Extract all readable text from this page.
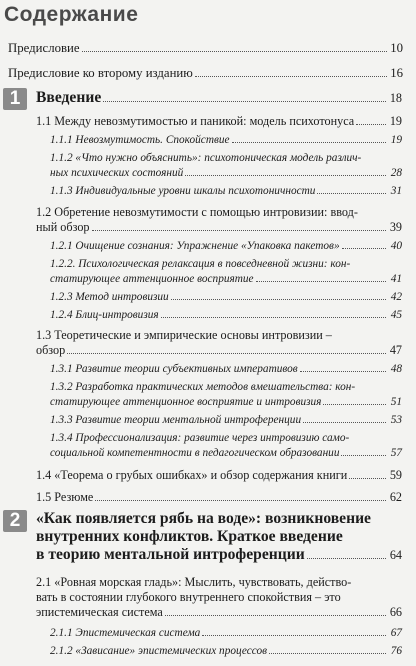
Содержание
Предисловие	10
Предисловие ко второму изданию	16
1	Введение	18
1.1 Между невозмутимостью и паникой: модель психотонуса	19
1.1.1 Невозмутимость. Спокойствие	19
1.1.2 «Что нужно объяснить»: психотоническая модель различ-
ных психических состояний	28
1.1.3 Индивидуальные уровни шкалы психотоничности	31
1.2 Обретение невозмутимости с помощью интровизии: ввод-
ный обзор	39
1.2.1 Очищение сознания: Упражнение «Упаковка пакетов»	40
1.2.2. Психологическая релаксация в повседневной жизни: кон-
статирующее аттенционное восприятие	41
1.2.3 Метод интровизии	42
1.2.4 Блиц-интровизия	45
1.3 Теоретические и эмпирические основы интровизии –
обзор	47
1.3.1 Развитие теории субъективных императивов	48
1.3.2 Разработка практических методов вмешательства: кон-
статирующее аттенционное восприятие и интровизия	51
1.3.3 Развитие теории ментальной интроференции	53
1.3.4 Профессионализация: развитие через интровизию само-
социальной компетентности в педагогическом образовании	57
1.4 «Теорема о грубых ошибках» и обзор содержания книги	59
1.5 Резюме	62
2	«Как появляется рябь на воде»: возникновение
внутренних конфликтов. Краткое введение
в теорию ментальной интроференции	64
2.1 «Ровная морская гладь»: Мыслить, чувствовать, действо-
вать в состоянии глубокого внутреннего спокойствия – это
эпистемическая система	66
2.1.1 Эпистемическая система	67
2.1.2 «Зависание» эпистемических процессов	76
